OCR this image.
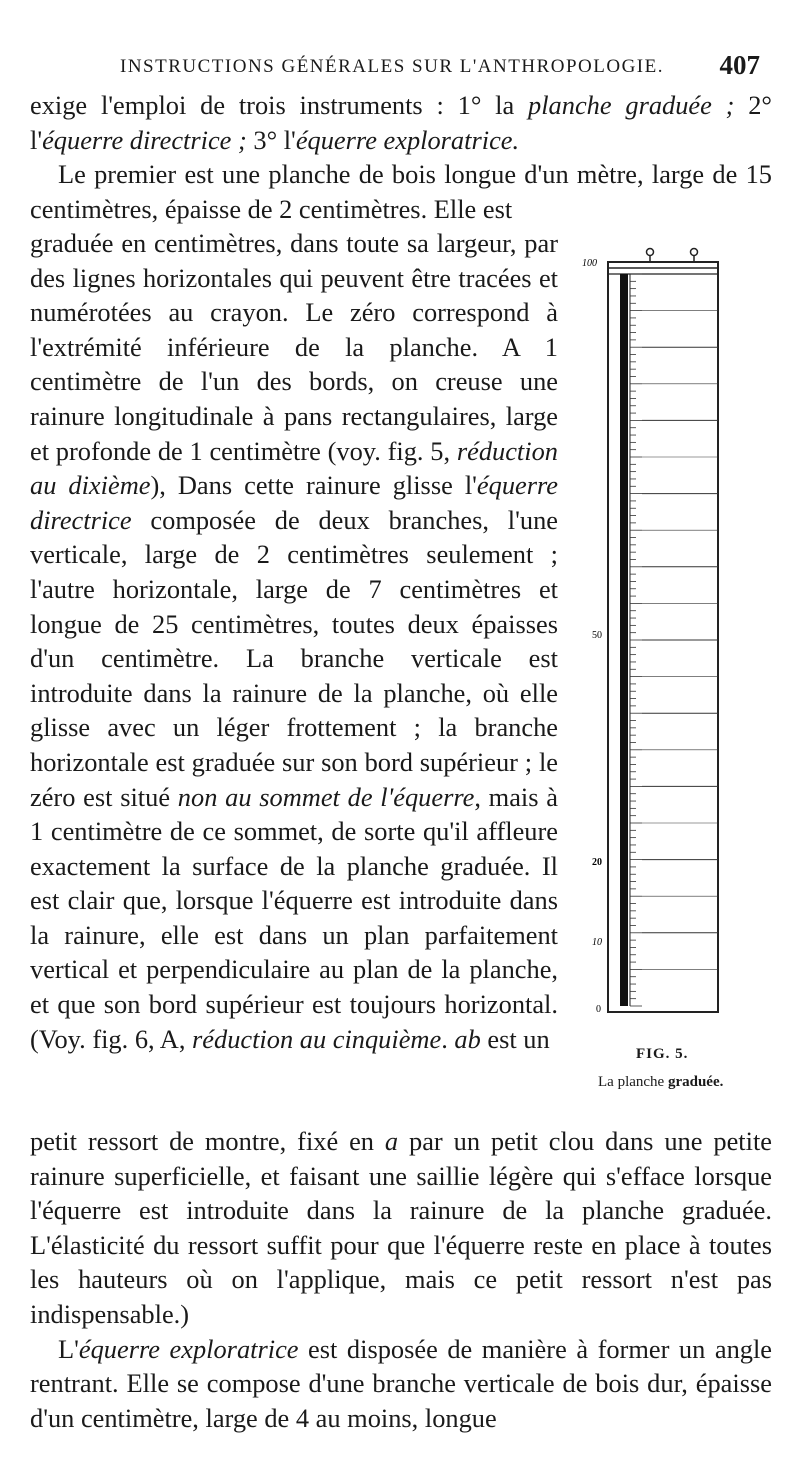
INSTRUCTIONS GÉNÉRALES SUR L'ANTHROPOLOGIE. 407

exige l'emploi de trois instruments : 1° la planche graduée ; 2° l'équerre directrice ; 3° l'équerre exploratrice.

Le premier est une planche de bois longue d'un mètre, large de 15 centimètres, épaisse de 2 centimètres. Elle est

graduée en centimètres, dans toute sa largeur, par des lignes horizontales qui peuvent être tracées et numérotées au crayon. Le zéro correspond à l'extrémité inférieure de la planche. A 1 centimètre de l'un des bords, on creuse une rainure longitudinale à pans rectangulaires, large et profonde de 1 centimètre (voy. fig. 5, réduction au dixième), Dans cette rainure glisse l'équerre directrice composée de deux branches, l'une verticale, large de 2 centimètres seulement ; l'autre horizontale, large de 7 centimètres et longue de 25 centimètres, toutes deux épaisses d'un centimètre. La branche verticale est introduite dans la rainure de la planche, où elle glisse avec un léger frottement ; la branche horizontale est graduée sur son bord supérieur ; le zéro est situé non au sommet de l'équerre, mais à 1 centimètre de ce sommet, de sorte qu'il affleure exactement la surface de la planche graduée. Il est clair que, lorsque l'équerre est introduite dans la rainure, elle est dans un plan parfaitement vertical et perpendiculaire au plan de la planche, et que son bord supérieur est toujours horizontal. (Voy. fig. 6, A, réduction au cinquième. ab est un

petit ressort de montre, fixé en a par un petit clou dans une petite rainure superficielle, et faisant une saillie légère qui s'efface lorsque l'équerre est introduite dans la rainure de la planche graduée. L'élasticité du ressort suffit pour que l'équerre reste en place à toutes les hauteurs où on l'applique, mais ce petit ressort n'est pas indispensable.)

L'équerre exploratrice est disposée de manière à former un angle rentrant. Elle se compose d'une branche verticale de bois dur, épaisse d'un centimètre, large de 4 au moins, longue

100
50
20
10
0
FIG. 5.
La planche graduée.
